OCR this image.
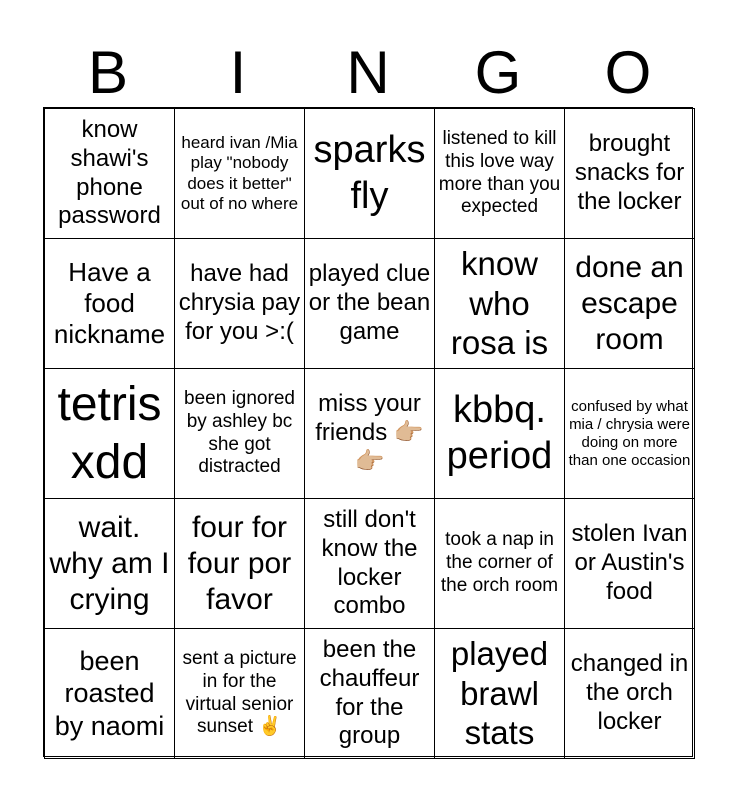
B	I	N	G	O
know shawi's phone password	heard ivan /Mia play "nobody does it better" out of no where	sparks fly	listened to kill this love way more than you expected	brought snacks for the locker
Have a food nickname	have had chrysia pay for you >:(	played clue or the bean game	know who rosa is	done an escape room
tetris xdd	been ignored by ashley bc she got distracted	miss your friends 👉🏼👉🏼	kbbq. period	confused by what mia / chrysia were doing on more than one occasion
wait. why am I crying	four for four por favor	still don't know the locker combo	took a nap in the corner of the orch room	stolen Ivan or Austin's food
been roasted by naomi	sent a picture in for the virtual senior sunset ✌️	been the chauffeur for the group	played brawl stats	changed in the orch locker
